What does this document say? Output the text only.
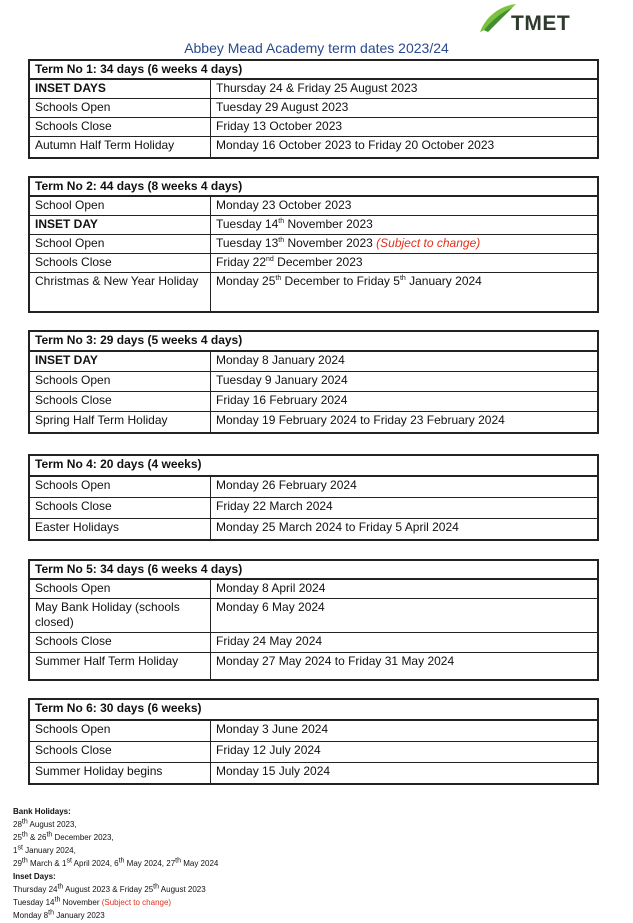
TMET
Abbey Mead Academy term dates 2023/24
Term No 1: 34 days (6 weeks 4 days)	
INSET DAYS	Thursday 24 & Friday 25 August 2023
Schools Open	Tuesday 29 August 2023
Schools Close	Friday 13 October 2023
Autumn Half Term Holiday	Monday 16 October 2023 to Friday 20 October 2023
Term No 2: 44 days (8 weeks 4 days)	
School Open	Monday 23 October 2023
INSET DAY	Tuesday 14th November 2023
School Open	Tuesday 13th November 2023 (Subject to change)
Schools Close	Friday 22nd December 2023
Christmas & New Year Holiday	Monday 25th December to Friday 5th January 2024
Term No 3: 29 days (5 weeks 4 days)	
INSET DAY	Monday 8 January 2024
Schools Open	Tuesday 9 January 2024
Schools Close	Friday 16 February 2024
Spring Half Term Holiday	Monday 19 February 2024 to Friday 23 February 2024
Term No 4: 20 days (4 weeks)	
Schools Open	Monday 26 February 2024
Schools Close	Friday 22 March 2024
Easter Holidays	Monday 25 March 2024 to Friday 5 April 2024
Term No 5: 34 days (6 weeks 4 days)	
Schools Open	Monday 8 April 2024
May Bank Holiday (schools closed)	Monday 6 May 2024
Schools Close	Friday 24 May 2024
Summer Half Term Holiday	Monday 27 May 2024 to Friday 31 May 2024
Term No 6: 30 days (6 weeks)	
Schools Open	Monday 3 June 2024
Schools Close	Friday 12 July 2024
Summer Holiday begins	Monday 15 July 2024
Bank Holidays:
28th August 2023,
25th & 26th December 2023,
1st January 2024,
29th March & 1st April 2024, 6th May 2024, 27th May 2024
Inset Days:
Thursday 24th August 2023 & Friday 25th August 2023
Tuesday 14th November (Subject to change)
Monday 8th January 2023
